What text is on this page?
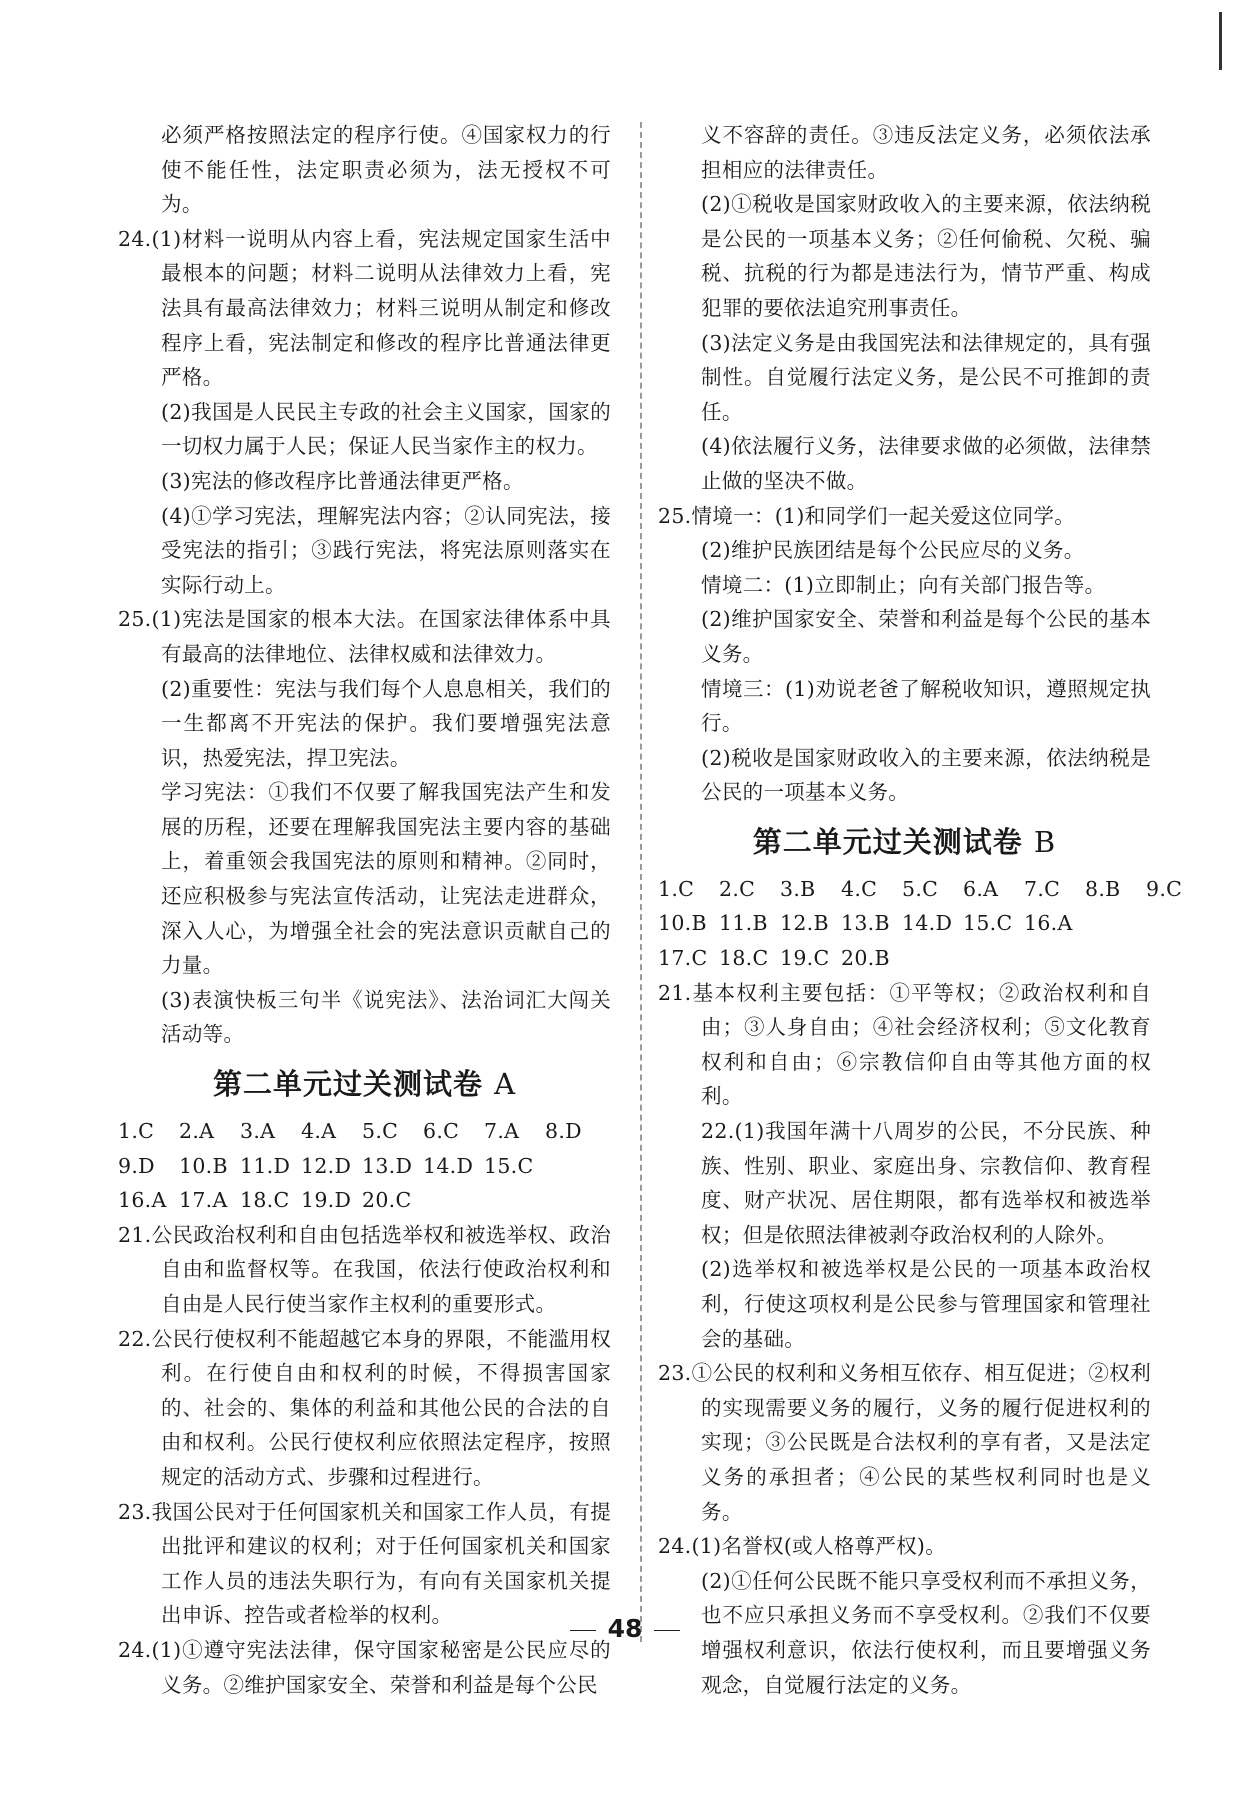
必须严格按照法定的程序行使。④国家权力的行使不能任性，法定职责必须为，法无授权不可为。

24.(1)材料一说明从内容上看，宪法规定国家生活中最根本的问题；材料二说明从法律效力上看，宪法具有最高法律效力；材料三说明从制定和修改程序上看，宪法制定和修改的程序比普通法律更严格。

(2)我国是人民民主专政的社会主义国家，国家的一切权力属于人民；保证人民当家作主的权力。

(3)宪法的修改程序比普通法律更严格。

(4)①学习宪法，理解宪法内容；②认同宪法，接受宪法的指引；③践行宪法，将宪法原则落实在实际行动上。

25.(1)宪法是国家的根本大法。在国家法律体系中具有最高的法律地位、法律权威和法律效力。

(2)重要性：宪法与我们每个人息息相关，我们的一生都离不开宪法的保护。我们要增强宪法意识，热爱宪法，捍卫宪法。

学习宪法：①我们不仅要了解我国宪法产生和发展的历程，还要在理解我国宪法主要内容的基础上，着重领会我国宪法的原则和精神。②同时，还应积极参与宪法宣传活动，让宪法走进群众，深入人心，为增强全社会的宪法意识贡献自己的力量。

(3)表演快板三句半《说宪法》、法治词汇大闯关活动等。

第二单元过关测试卷 A
1.C 2.A 3.A 4.A 5.C 6.C 7.A 8.D
9.D 10.B 11.D 12.D 13.D 14.D 15.C
16.A 17.A 18.C 19.D 20.C

21.公民政治权利和自由包括选举权和被选举权、政治自由和监督权等。在我国，依法行使政治权利和自由是人民行使当家作主权利的重要形式。

22.公民行使权利不能超越它本身的界限，不能滥用权利。在行使自由和权利的时候，不得损害国家的、社会的、集体的利益和其他公民的合法的自由和权利。公民行使权利应依照法定程序，按照规定的活动方式、步骤和过程进行。

23.我国公民对于任何国家机关和国家工作人员，有提出批评和建议的权利；对于任何国家机关和国家工作人员的违法失职行为，有向有关国家机关提出申诉、控告或者检举的权利。

24.(1)①遵守宪法法律，保守国家秘密是公民应尽的义务。②维护国家安全、荣誉和利益是每个公民

义不容辞的责任。③违反法定义务，必须依法承担相应的法律责任。

(2)①税收是国家财政收入的主要来源，依法纳税是公民的一项基本义务；②任何偷税、欠税、骗税、抗税的行为都是违法行为，情节严重、构成犯罪的要依法追究刑事责任。

(3)法定义务是由我国宪法和法律规定的，具有强制性。自觉履行法定义务，是公民不可推卸的责任。

(4)依法履行义务，法律要求做的必须做，法律禁止做的坚决不做。

25.情境一：(1)和同学们一起关爱这位同学。

(2)维护民族团结是每个公民应尽的义务。

情境二：(1)立即制止；向有关部门报告等。

(2)维护国家安全、荣誉和利益是每个公民的基本义务。

情境三：(1)劝说老爸了解税收知识，遵照规定执行。

(2)税收是国家财政收入的主要来源，依法纳税是公民的一项基本义务。

第二单元过关测试卷 B
1.C 2.C 3.B 4.C 5.C 6.A 7.C 8.B 9.C
10.B 11.B 12.B 13.B 14.D 15.C 16.A
17.C 18.C 19.C 20.B

21.基本权利主要包括：①平等权；②政治权利和自由；③人身自由；④社会经济权利；⑤文化教育权利和自由；⑥宗教信仰自由等其他方面的权利。

22.(1)我国年满十八周岁的公民，不分民族、种族、性别、职业、家庭出身、宗教信仰、教育程度、财产状况、居住期限，都有选举权和被选举权；但是依照法律被剥夺政治权利的人除外。

(2)选举权和被选举权是公民的一项基本政治权利，行使这项权利是公民参与管理国家和管理社会的基础。

23.①公民的权利和义务相互依存、相互促进；②权利的实现需要义务的履行，义务的履行促进权利的实现；③公民既是合法权利的享有者，又是法定义务的承担者；④公民的某些权利同时也是义务。

24.(1)名誉权(或人格尊严权)。

(2)①任何公民既不能只享受权利而不承担义务，也不应只承担义务而不享受权利。②我们不仅要增强权利意识，依法行使权利，而且要增强义务观念，自觉履行法定的义务。

48
